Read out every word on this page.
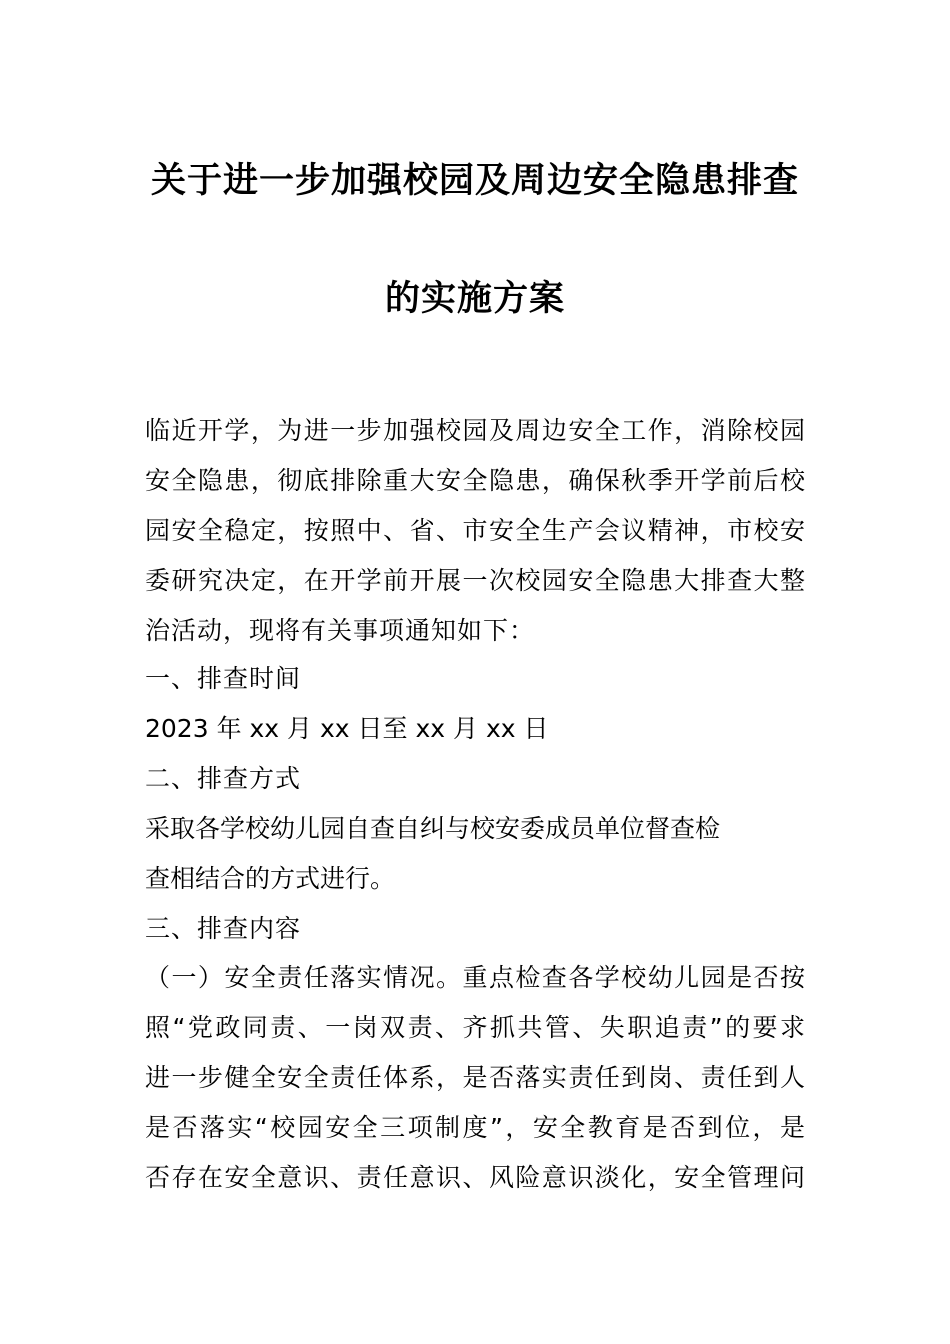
关于进一步加强校园及周边安全隐患排查
的实施方案
临近开学，为进一步加强校园及周边安全工作，消除校园
安全隐患，彻底排除重大安全隐患，确保秋季开学前后校
园安全稳定，按照中、省、市安全生产会议精神，市校安
委研究决定，在开学前开展一次校园安全隐患大排查大整
治活动，现将有关事项通知如下：
一、排查时间
2023 年 xx 月 xx 日至 xx 月 xx 日
二、排查方式
采取各学校幼儿园自查自纠与校安委成员单位督查检
查相结合的方式进行。
三、排查内容
（一）安全责任落实情况。重点检查各学校幼儿园是否按
照“党政同责、一岗双责、齐抓共管、失职追责”的要求
进一步健全安全责任体系，是否落实责任到岗、责任到人
是否落实“校园安全三项制度”，安全教育是否到位，是
否存在安全意识、责任意识、风险意识淡化，安全管理问
